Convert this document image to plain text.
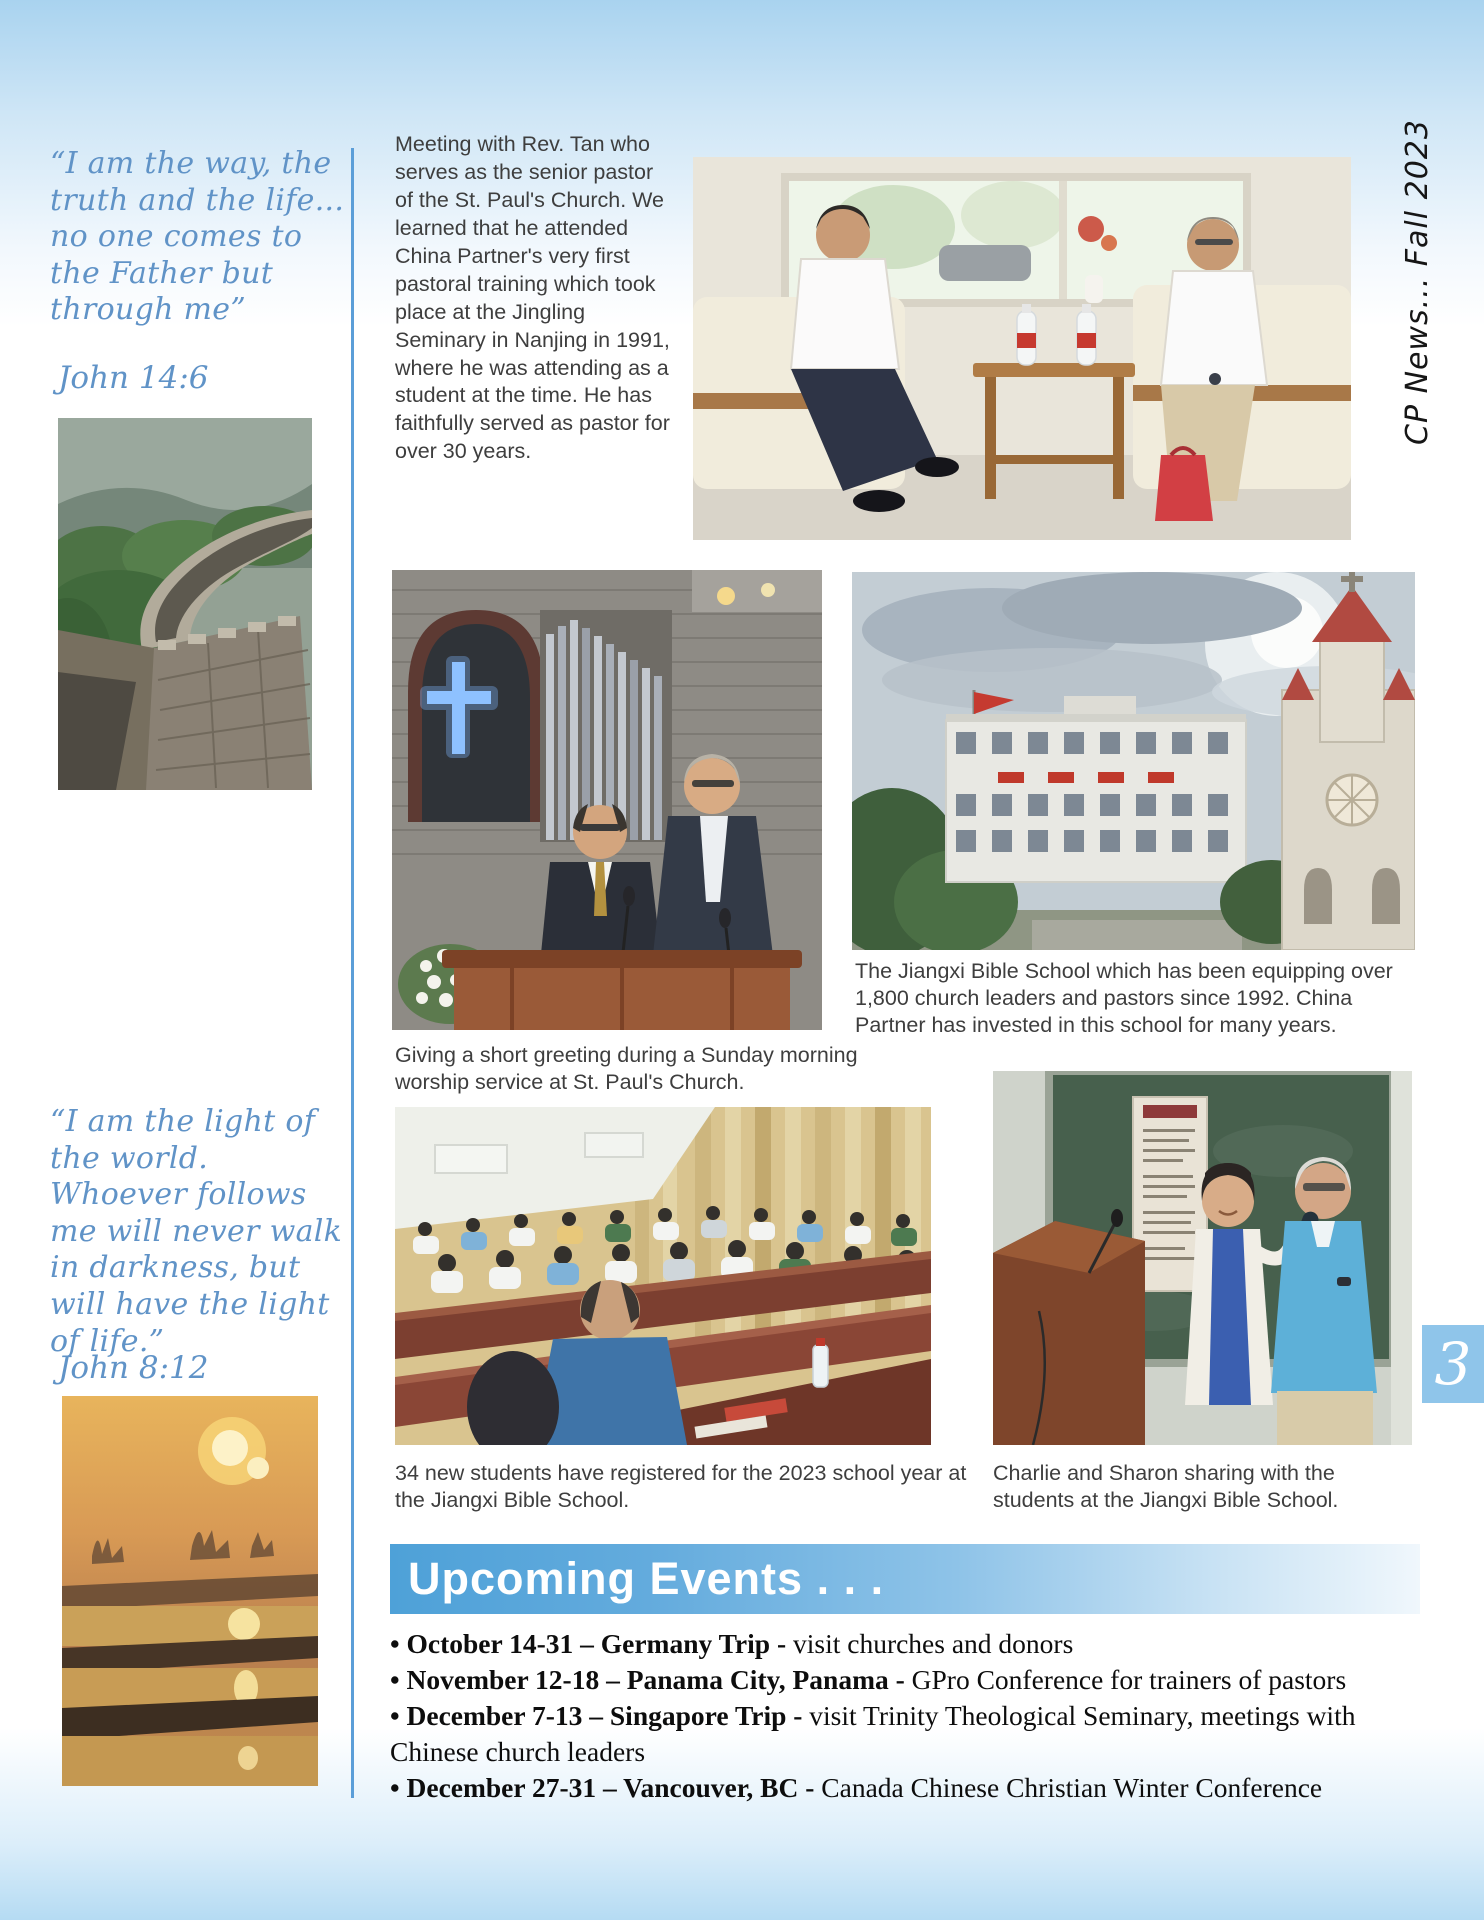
“I am the way, the truth and the life... no one comes to the Father but through me”
John 14:6
“I am the light of the world. Whoever follows me will never walk in darkness, but will have the light of life.”
John 8:12
Meeting with Rev. Tan who serves as the senior pastor of the St. Paul's Church. We learned that he attended China Partner's very first pastoral training which took place at the Jingling Seminary in Nanjing in 1991, where he was attending as a student at the time. He has faithfully served as pastor for over 30 years.
The Jiangxi Bible School which has been equipping over 1,800 church leaders and pastors since 1992. China Partner has invested in this school for many years.
Giving a short greeting during a Sunday morning worship service at St. Paul's Church.
34 new students have registered for the 2023 school year at the Jiangxi Bible School.
Charlie and Sharon sharing with the students at the Jiangxi Bible School.
Upcoming Events . . .

• October 14-31 – Germany Trip - visit churches and donors

• November 12-18 – Panama City, Panama - GPro Conference for trainers of pastors

• December 7-13 – Singapore Trip - visit Trinity Theological Seminary, meetings with Chinese church leaders

• December 27-31 – Vancouver, BC - Canada Chinese Christian Winter Conference

CP News... Fall 2023
3
